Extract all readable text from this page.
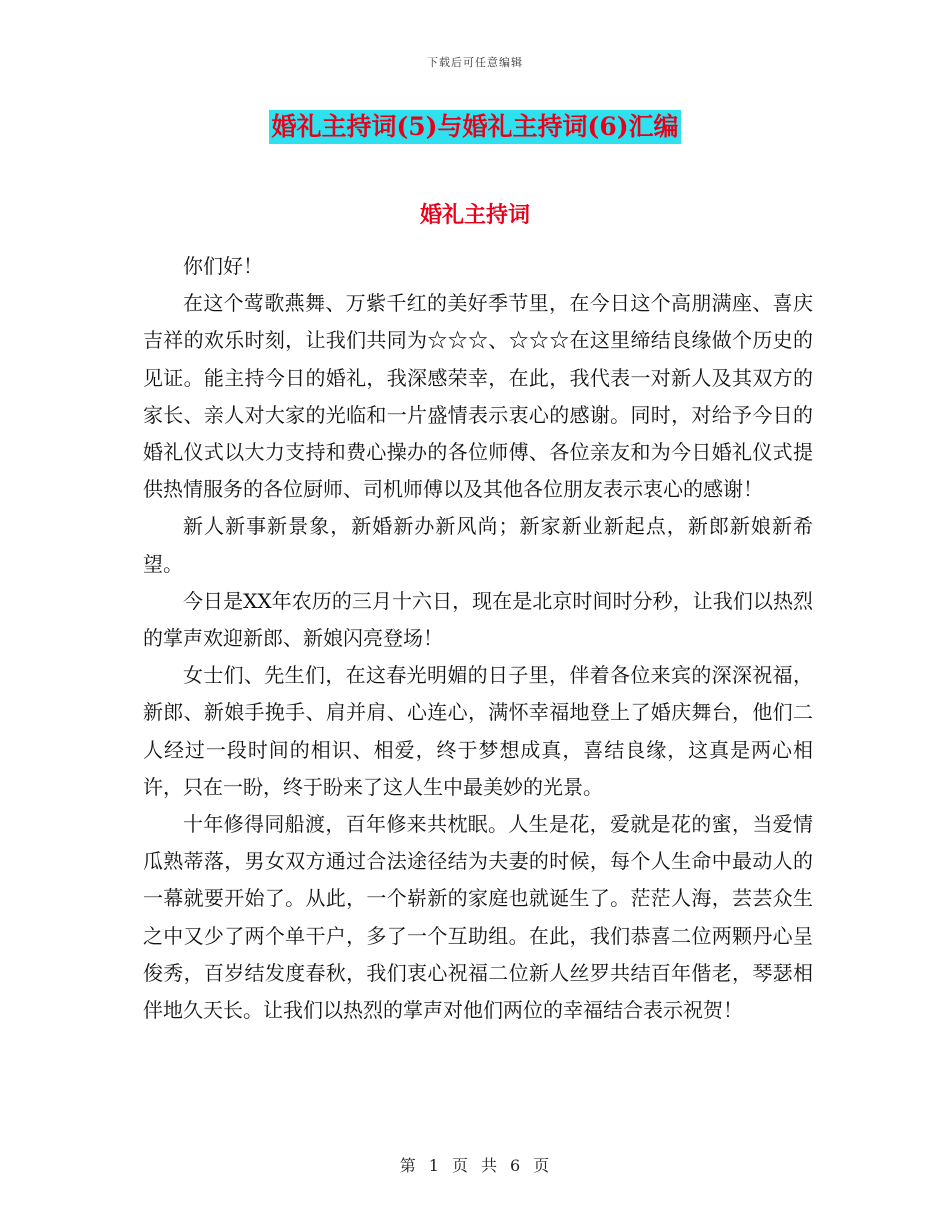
下载后可任意编辑
婚礼主持词(5)与婚礼主持词(6)汇编
婚礼主持词

你们好！

在这个莺歌燕舞、万紫千红的美好季节里，在今日这个高朋满座、喜庆吉祥的欢乐时刻，让我们共同为☆☆☆、☆☆☆在这里缔结良缘做个历史的见证。能主持今日的婚礼，我深感荣幸，在此，我代表一对新人及其双方的家长、亲人对大家的光临和一片盛情表示衷心的感谢。同时，对给予今日的婚礼仪式以大力支持和费心操办的各位师傅、各位亲友和为今日婚礼仪式提供热情服务的各位厨师、司机师傅以及其他各位朋友表示衷心的感谢！

新人新事新景象，新婚新办新风尚；新家新业新起点，新郎新娘新希望。

今日是XX年农历的三月十六日，现在是北京时间时分秒，让我们以热烈的掌声欢迎新郎、新娘闪亮登场！

女士们、先生们，在这春光明媚的日子里，伴着各位来宾的深深祝福，新郎、新娘手挽手、肩并肩、心连心，满怀幸福地登上了婚庆舞台，他们二人经过一段时间的相识、相爱，终于梦想成真，喜结良缘，这真是两心相许，只在一盼，终于盼来了这人生中最美妙的光景。

十年修得同船渡，百年修来共枕眠。人生是花，爱就是花的蜜，当爱情瓜熟蒂落，男女双方通过合法途径结为夫妻的时候，每个人生命中最动人的一幕就要开始了。从此，一个崭新的家庭也就诞生了。茫茫人海，芸芸众生之中又少了两个单干户，多了一个互助组。在此，我们恭喜二位两颗丹心呈俊秀，百岁结发度春秋，我们衷心祝福二位新人丝罗共结百年偕老，琴瑟相伴地久天长。让我们以热烈的掌声对他们两位的幸福结合表示祝贺！

第 1 页 共 6 页
